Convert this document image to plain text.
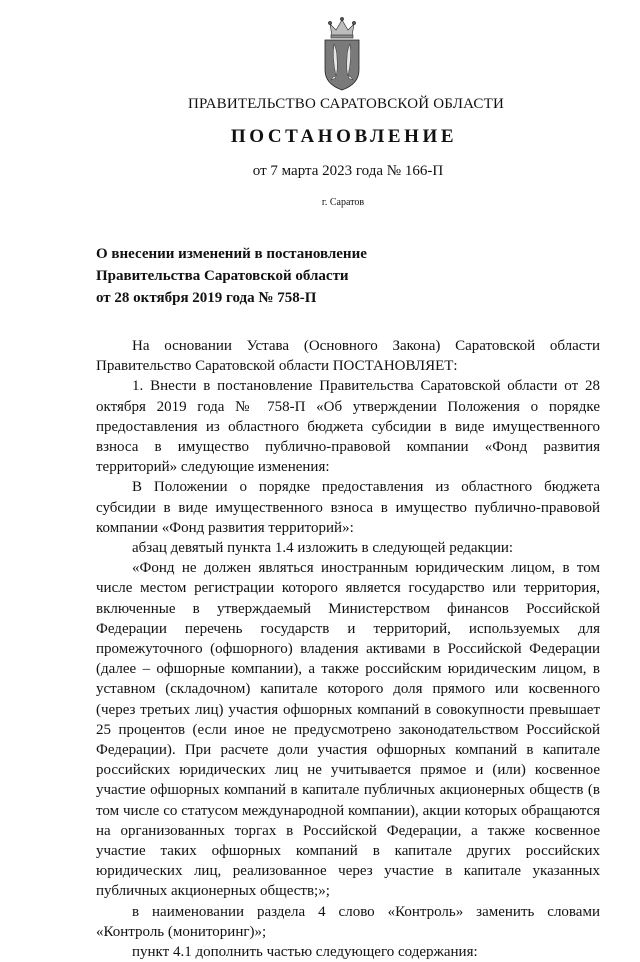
ПРАВИТЕЛЬСТВО САРАТОВСКОЙ ОБЛАСТИ
ПОСТАНОВЛЕНИЕ
от 7 марта 2023 года № 166-П
г. Саратов
О внесении изменений в постановление
Правительства Саратовской области
от 28 октября 2019 года № 758-П

На основании Устава (Основного Закона) Саратовской области Правительство Саратовской области ПОСТАНОВЛЯЕТ:

1. Внести в постановление Правительства Саратовской области от 28 октября 2019 года № 758-П «Об утверждении Положения о порядке предоставления из областного бюджета субсидии в виде имущественного взноса в имущество публично-правовой компании «Фонд развития территорий» следующие изменения:

В Положении о порядке предоставления из областного бюджета субсидии в виде имущественного взноса в имущество публично-правовой компании «Фонд развития территорий»:

абзац девятый пункта 1.4 изложить в следующей редакции:

«Фонд не должен являться иностранным юридическим лицом, в том числе местом регистрации которого является государство или территория, включенные в утверждаемый Министерством финансов Российской Федерации перечень государств и территорий, используемых для промежуточного (офшорного) владения активами в Российской Федерации (далее – офшорные компании), а также российским юридическим лицом, в уставном (складочном) капитале которого доля прямого или косвенного (через третьих лиц) участия офшорных компаний в совокупности превышает 25 процентов (если иное не предусмотрено законодательством Российской Федерации). При расчете доли участия офшорных компаний в капитале российских юридических лиц не учитывается прямое и (или) косвенное участие офшорных компаний в капитале публичных акционерных обществ (в том числе со статусом международной компании), акции которых обращаются на организованных торгах в Российской Федерации, а также косвенное участие таких офшорных компаний в капитале других российских юридических лиц, реализованное через участие в капитале указанных публичных акционерных обществ;»;

в наименовании раздела 4 слово «Контроль» заменить словами «Контроль (мониторинг)»;

пункт 4.1 дополнить частью следующего содержания:
